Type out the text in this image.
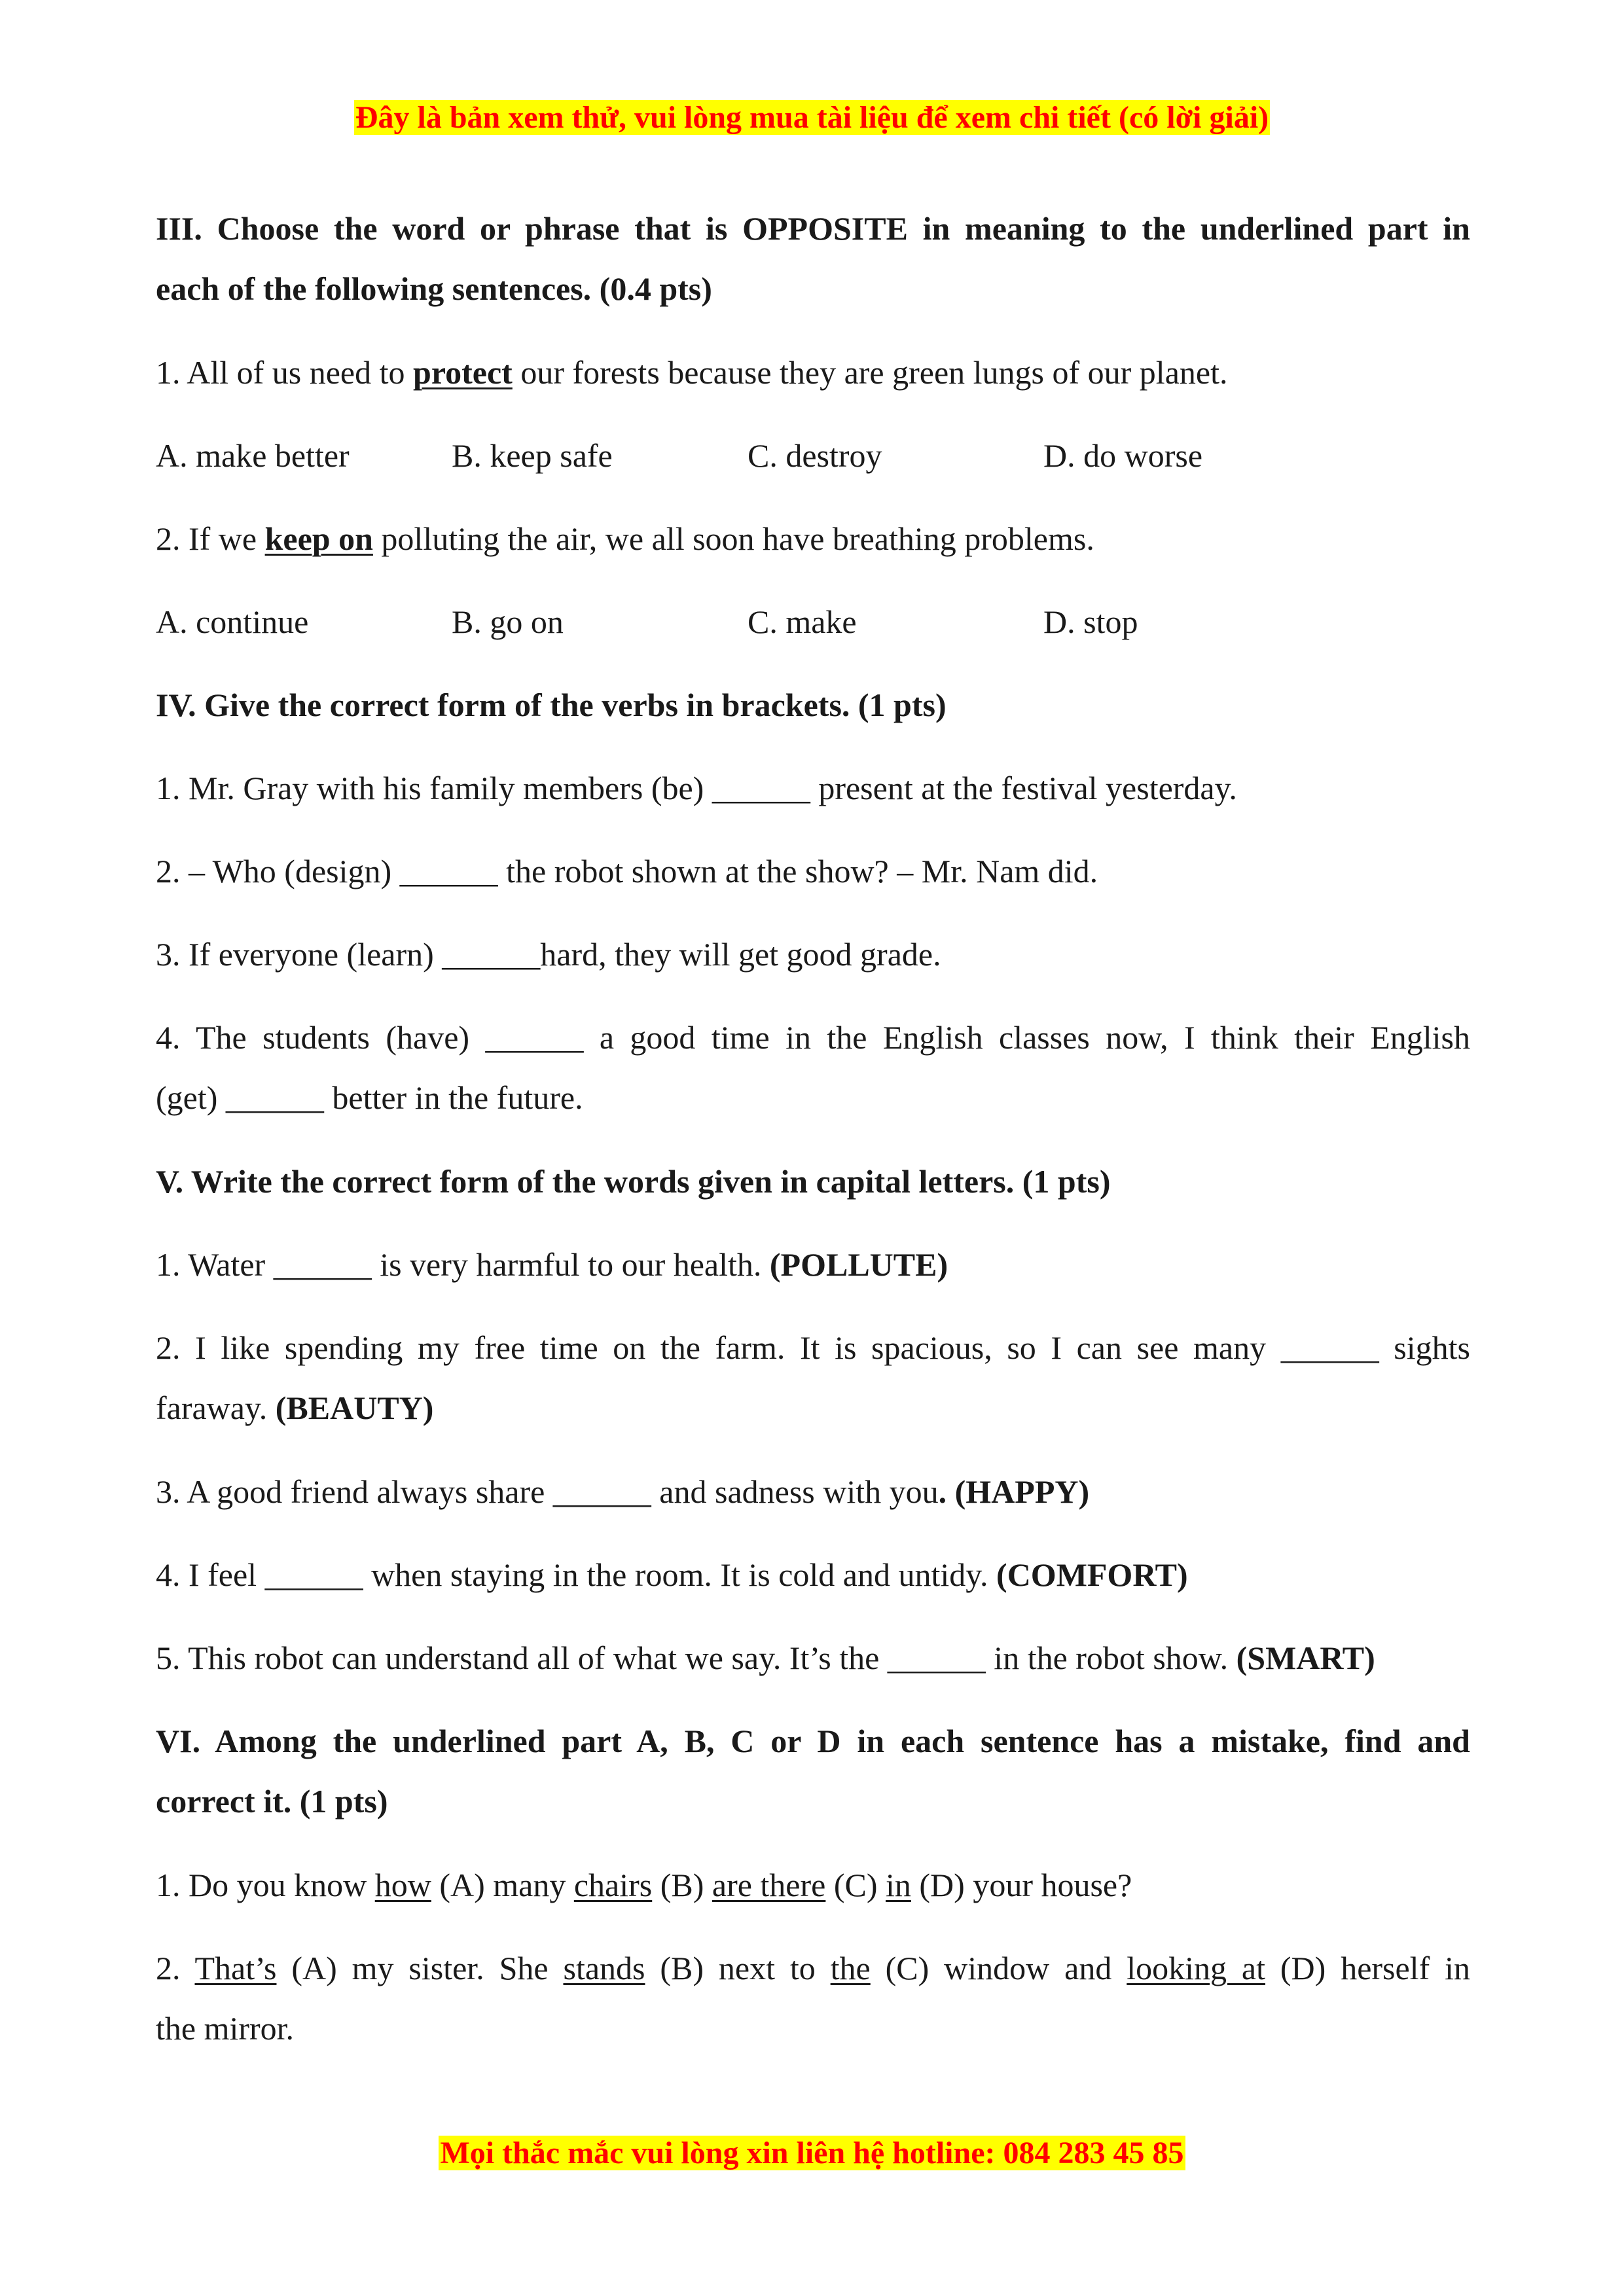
Đây là bản xem thử, vui lòng mua tài liệu để xem chi tiết (có lời giải)
III. Choose the word or phrase that is OPPOSITE in meaning to the underlined part in
each of the following sentences. (0.4 pts)
1. All of us need to protect our forests because they are green lungs of our planet.
A. make better	B. keep safe	C. destroy	D. do worse
2. If we keep on polluting the air, we all soon have breathing problems.
A. continue	B. go on	C. make	D. stop
IV. Give the correct form of the verbs in brackets. (1 pts)
1. Mr. Gray with his family members (be) ______ present at the festival yesterday.
2. – Who (design) ______ the robot shown at the show? – Mr. Nam did.
3. If everyone (learn) ______hard, they will get good grade.
4. The students (have) ______ a good time in the English classes now, I think their English
(get) ______ better in the future.
V. Write the correct form of the words given in capital letters. (1 pts)
1. Water ______ is very harmful to our health. (POLLUTE)
2. I like spending my free time on the farm. It is spacious, so I can see many ______ sights
faraway. (BEAUTY)
3. A good friend always share ______ and sadness with you. (HAPPY)
4. I feel ______ when staying in the room. It is cold and untidy. (COMFORT)
5. This robot can understand all of what we say. It’s the ______ in the robot show. (SMART)
VI. Among the underlined part A, B, C or D in each sentence has a mistake, find and
correct it. (1 pts)
1. Do you know how (A) many chairs (B) are there (C) in (D) your house?
2. That’s (A) my sister. She stands (B) next to the (C) window and looking at (D) herself in
the mirror.
Mọi thắc mắc vui lòng xin liên hệ hotline: 084 283 45 85
